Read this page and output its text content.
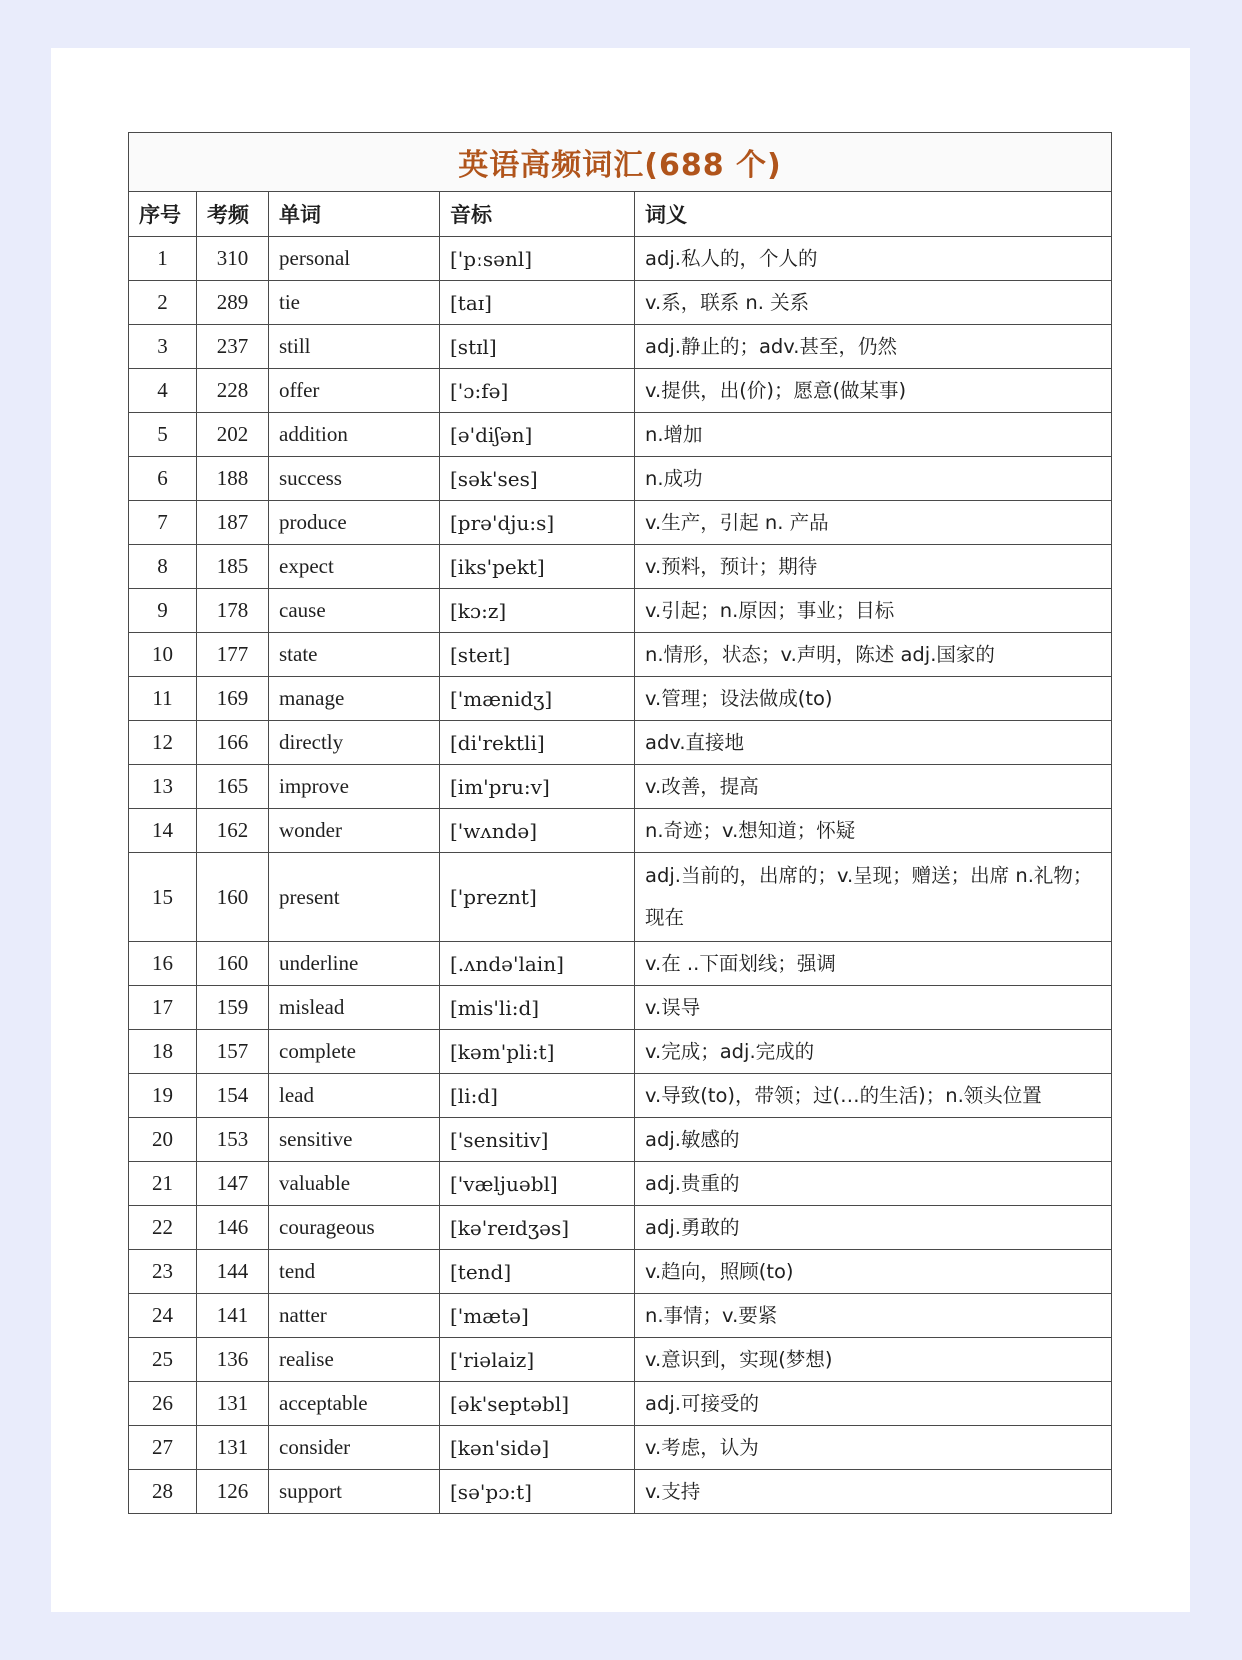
英语高频词汇(688 个)				
序号	考频	单词	音标	词义
1	310	personal	['pːsənl]	adj.私人的，个人的
2	289	tie	[taɪ]	v.系，联系 n. 关系
3	237	still	[stɪl]	adj.静止的；adv.甚至，仍然
4	228	offer	['ɔ:fə]	v.提供，出(价)；愿意(做某事)
5	202	addition	[ə'diʃən]	n.增加
6	188	success	[sək'ses]	n.成功
7	187	produce	[prə'dju:s]	v.生产，引起 n. 产品
8	185	expect	[iks'pekt]	v.预料，预计；期待
9	178	cause	[kɔ:z]	v.引起；n.原因；事业；目标
10	177	state	[steɪt]	n.情形，状态；v.声明，陈述 adj.国家的
11	169	manage	['mænidʒ]	v.管理；设法做成(to)
12	166	directly	[di'rektli]	adv.直接地
13	165	improve	[im'pru:v]	v.改善，提高
14	162	wonder	['wʌndə]	n.奇迹；v.想知道；怀疑
15	160	present	['preznt]	adj.当前的，出席的；v.呈现；赠送；出席 n.礼物；现在
16	160	underline	[.ʌndə'lain]	v.在 ..下面划线；强调
17	159	mislead	[mis'li:d]	v.误导
18	157	complete	[kəm'pli:t]	v.完成；adj.完成的
19	154	lead	[li:d]	v.导致(to)，带领；过(…的生活)；n.领头位置
20	153	sensitive	['sensitiv]	adj.敏感的
21	147	valuable	['væljuəbl]	adj.贵重的
22	146	courageous	[kə'reɪdʒəs]	adj.勇敢的
23	144	tend	[tend]	v.趋向，照顾(to)
24	141	natter	['mætə]	n.事情；v.要紧
25	136	realise	['riəlaiz]	v.意识到，实现(梦想)
26	131	acceptable	[ək'septəbl]	adj.可接受的
27	131	consider	[kən'sidə]	v.考虑，认为
28	126	support	[sə'pɔ:t]	v.支持
